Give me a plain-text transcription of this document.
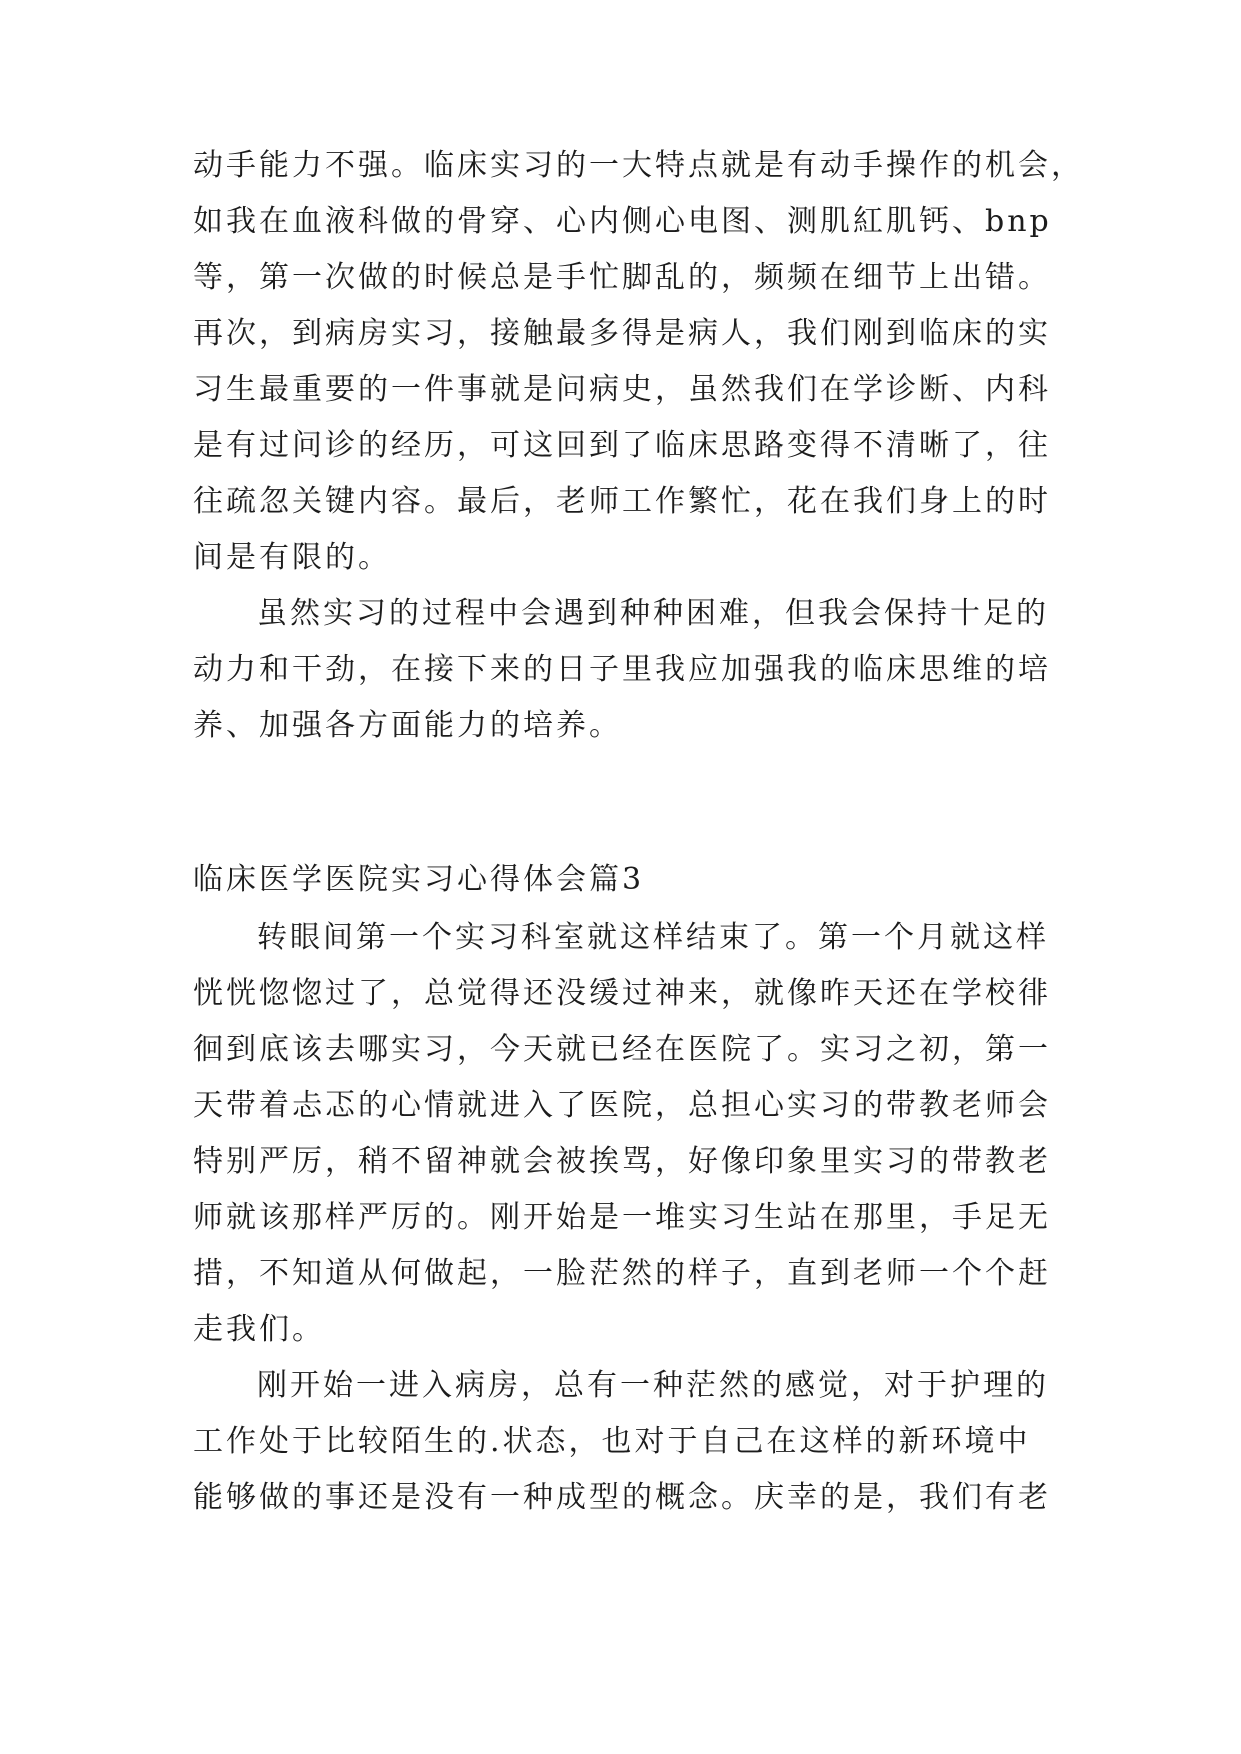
动手能力不强。临床实习的一大特点就是有动手操作的机会，
如我在血液科做的骨穿、心内侧心电图、测肌紅肌钙、bnp
等，第一次做的时候总是手忙脚乱的，频频在细节上出错。
再次，到病房实习，接触最多得是病人，我们刚到临床的实
习生最重要的一件事就是问病史，虽然我们在学诊断、内科
是有过问诊的经历，可这回到了临床思路变得不清晰了，往
往疏忽关键内容。最后，老师工作繁忙，花在我们身上的时
间是有限的。
虽然实习的过程中会遇到种种困难，但我会保持十足的
动力和干劲，在接下来的日子里我应加强我的临床思维的培
养、加强各方面能力的培养。
临床医学医院实习心得体会篇3
转眼间第一个实习科室就这样结束了。第一个月就这样
恍恍惚惚过了，总觉得还没缓过神来，就像昨天还在学校徘
徊到底该去哪实习，今天就已经在医院了。实习之初，第一
天带着忐忑的心情就进入了医院，总担心实习的带教老师会
特别严厉，稍不留神就会被挨骂，好像印象里实习的带教老
师就该那样严厉的。刚开始是一堆实习生站在那里，手足无
措，不知道从何做起，一脸茫然的样子，直到老师一个个赶
走我们。
刚开始一进入病房，总有一种茫然的感觉，对于护理的
工作处于比较陌生的.状态，也对于自己在这样的新环境中
能够做的事还是没有一种成型的概念。庆幸的是，我们有老
